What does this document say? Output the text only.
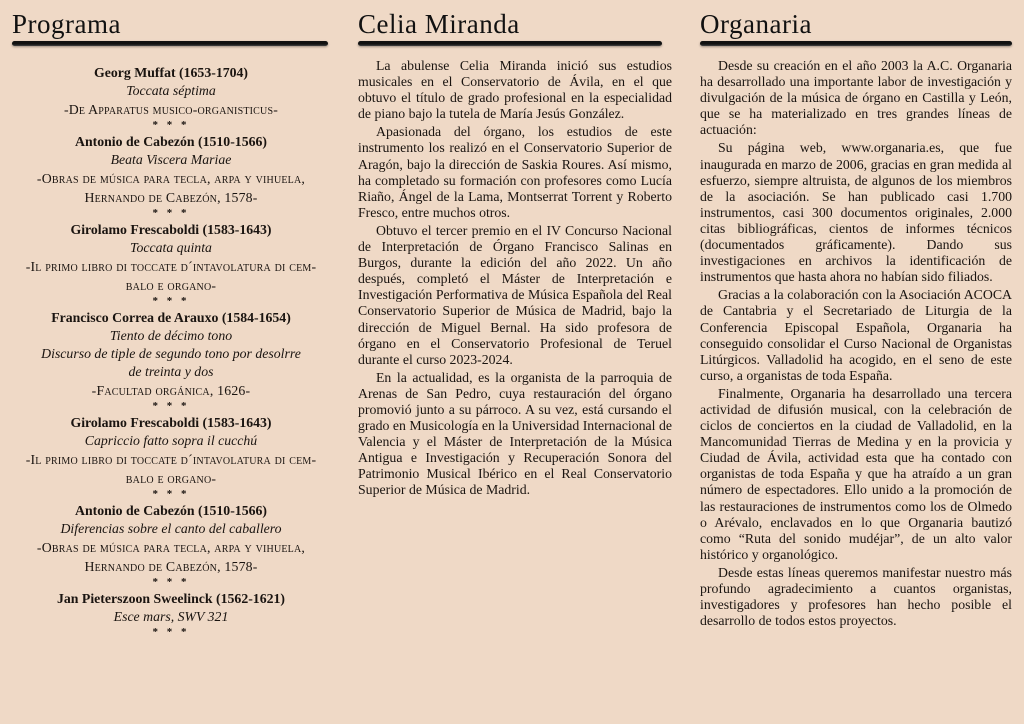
Programa
Georg Muffat (1653-1704)
Toccata séptima
-De Apparatus musico-organisticus-
* * *
Antonio de Cabezón (1510-1566)
Beata Viscera Mariae
-Obras de música para tecla, arpa y vihuela,
Hernando de Cabezón, 1578-
* * *
Girolamo Frescaboldi (1583-1643)
Toccata quinta
-Il primo libro di toccate d´intavolatura di cem-
balo e organo-
* * *
Francisco Correa de Arauxo (1584-1654)
Tiento de décimo tono
Discurso de tiple de segundo tono por desolrre
de treinta y dos
-Facultad orgánica, 1626-
* * *
Girolamo Frescaboldi (1583-1643)
Capriccio fatto sopra il cucchú
-Il primo libro di toccate d´intavolatura di cem-
balo e organo-
* * *
Antonio de Cabezón (1510-1566)
Diferencias sobre el canto del caballero
-Obras de música para tecla, arpa y vihuela,
Hernando de Cabezón, 1578-
* * *
Jan Pieterszoon Sweelinck (1562-1621)
Esce mars, SWV 321
* * *
Celia Miranda

La abulense Celia Miranda inició sus estudios musicales en el Conservatorio de Ávila, en el que obtuvo el título de grado profesional en la especialidad de piano bajo la tutela de María Jesús González.

Apasionada del órgano, los estudios de este instrumento los realizó en el Conservatorio Superior de Aragón, bajo la dirección de Saskia Roures. Así mismo, ha completado su formación con profesores como Lucía Riaño, Ángel de la Lama, Montserrat Torrent y Roberto Fresco, entre muchos otros.

Obtuvo el tercer premio en el IV Concurso Nacional de Interpretación de Órgano Francisco Salinas en Burgos, durante la edición del año 2022. Un año después, completó el Máster de Interpretación e Investigación Performativa de Música Española del Real Conservatorio Superior de Música de Madrid, bajo la dirección de Miguel Bernal. Ha sido profesora de órgano en el Conservatorio Profesional de Teruel durante el curso 2023-2024.

En la actualidad, es la organista de la parroquia de Arenas de San Pedro, cuya restauración del órgano promovió junto a su párroco. A su vez, está cursando el grado en Musicología en la Universidad Internacional de Valencia y el Máster de Interpretación de la Música Antigua e Investigación y Recuperación Sonora del Patrimonio Musical Ibérico en el Real Conservatorio Superior de Música de Madrid.

Organaria

Desde su creación en el año 2003 la A.C. Organaria ha desarrollado una importante labor de investigación y divulgación de la música de órgano en Castilla y León, que se ha materializado en tres grandes líneas de actuación:

Su página web, www.organaria.es, que fue inaugurada en marzo de 2006, gracias en gran medida al esfuerzo, siempre altruista, de algunos de los miembros de la asociación. Se han publicado casi 1.700 instrumentos, casi 300 documentos originales, 2.000 citas bibliográficas, cientos de informes técnicos (documentados gráficamente). Dando sus investigaciones en archivos la identificación de instrumentos que hasta ahora no habían sido filiados.

Gracias a la colaboración con la Asociación ACOCA de Cantabria y el Secretariado de Liturgia de la Conferencia Episcopal Española, Organaria ha conseguido consolidar el Curso Nacional de Organistas Litúrgicos. Valladolid ha acogido, en el seno de este curso, a organistas de toda España.

Finalmente, Organaria ha desarrollado una tercera actividad de difusión musical, con la celebración de ciclos de conciertos en la ciudad de Valladolid, en la Mancomunidad Tierras de Medina y en la provicia y Ciudad de Ávila, actividad esta que ha contado con organistas de toda España y que ha atraído a un gran número de espectadores. Ello unido a la promoción de las restauraciones de instrumentos como los de Olmedo o Arévalo, enclavados en lo que Organaria bautizó como “Ruta del sonido mudéjar”, de un alto valor histórico y organológico.

Desde estas líneas queremos manifestar nuestro más profundo agradecimiento a cuantos organistas, investigadores y profesores han hecho posible el desarrollo de todos estos proyectos.
